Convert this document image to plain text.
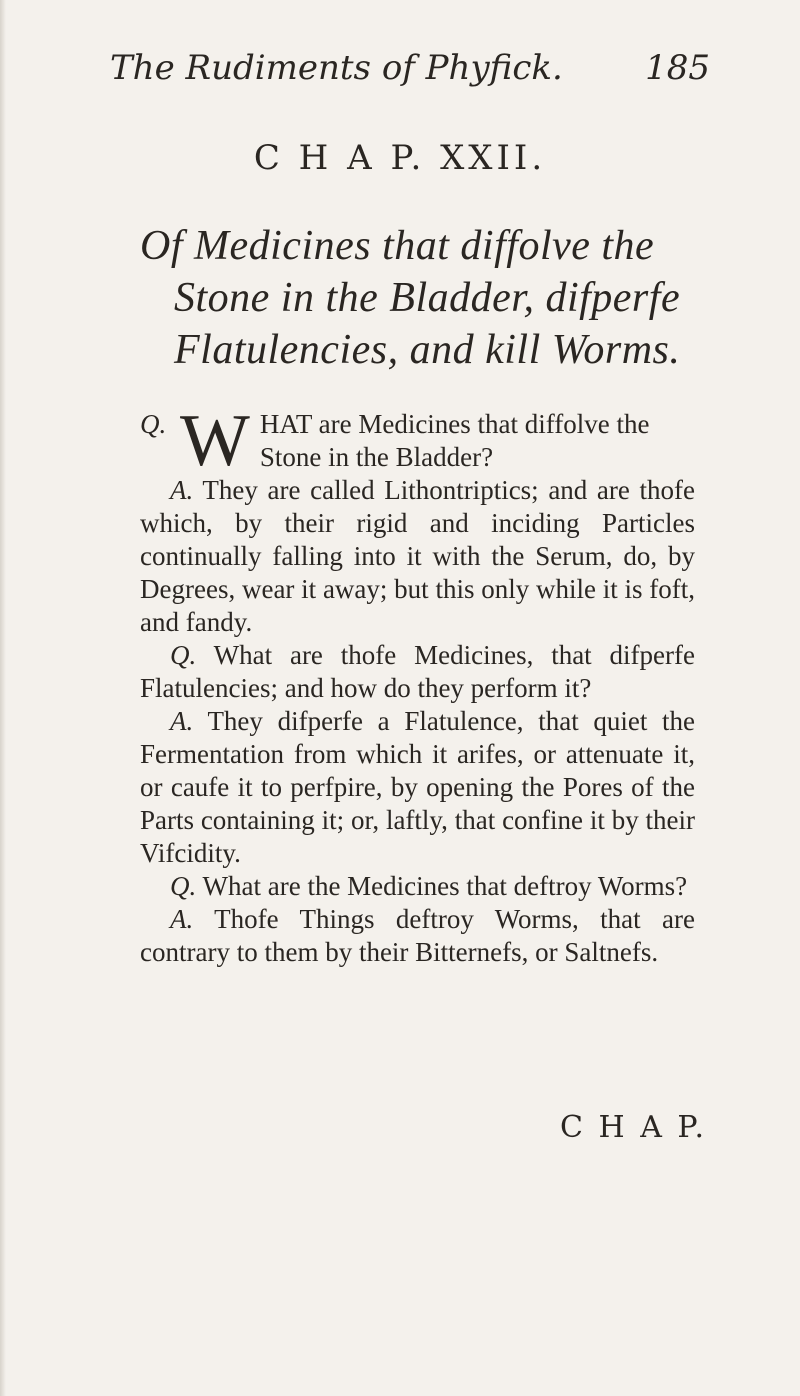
The Rudiments of Phyfick. 185
C H A P. XXII.
Of Medicines that diffolve the
Stone in the Bladder, difperfe
Flatulencies, and kill Worms.

Q. W HAT are Medicines that diffolve the Stone in the Bladder?

A. They are called Lithontriptics; and are thofe which, by their rigid and inciding Particles continually falling into it with the Serum, do, by Degrees, wear it away; but this only while it is foft, and fandy.

Q. What are thofe Medicines, that difperfe Flatulencies; and how do they perform it?

A. They difperfe a Flatulence, that quiet the Fermentation from which it arifes, or attenuate it, or caufe it to perfpire, by opening the Pores of the Parts containing it; or, laftly, that confine it by their Vifcidity.

Q. What are the Medicines that deftroy Worms?

A. Thofe Things deftroy Worms, that are contrary to them by their Bitternefs, or Saltnefs.

C H A P.
